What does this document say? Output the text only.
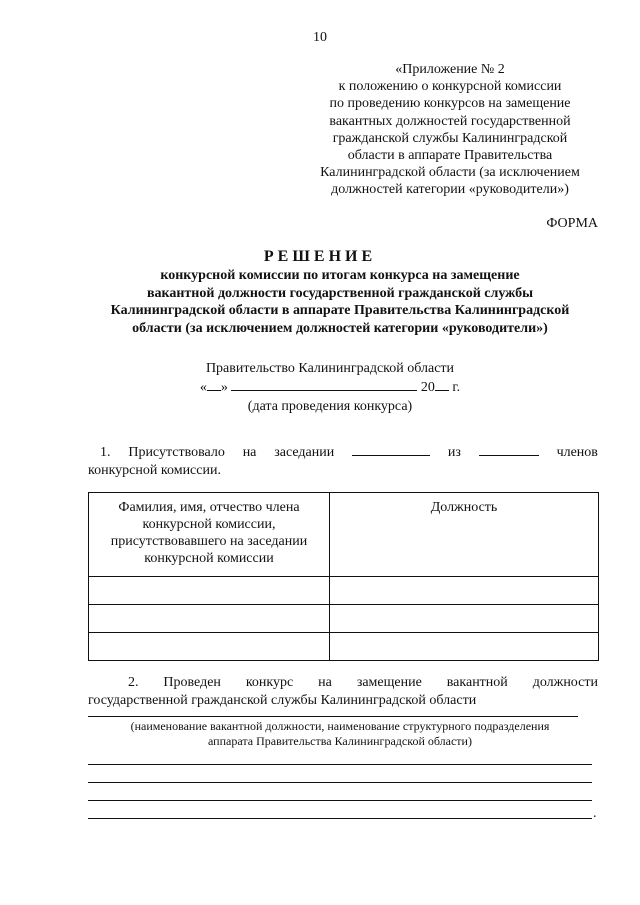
10
«Приложение № 2
к положению о конкурсной комиссии
по проведению конкурсов на замещение
вакантных должностей государственной
гражданской службы Калининградской
области в аппарате Правительства
Калининградской области (за исключением
должностей категории «руководители»)
ФОРМА
РЕШЕНИЕ
конкурсной комиссии по итогам конкурса на замещение
вакантной должности государственной гражданской службы
Калининградской области в аппарате Правительства Калининградской
области (за исключением должностей категории «руководители»)
Правительство Калининградской области
« »	20 г.
(дата проведения конкурса)
1. Присутствовало на заседании	из	членов
конкурсной комиссии.
Фамилия, имя, отчество члена конкурсной комиссии, присутствовавшего на заседании конкурсной комиссии	Должность

2. Проведен конкурс на замещение вакантной должности
государственной гражданской службы Калининградской области
(наименование вакантной должности, наименование структурного подразделения
аппарата Правительства Калининградской области)
.
